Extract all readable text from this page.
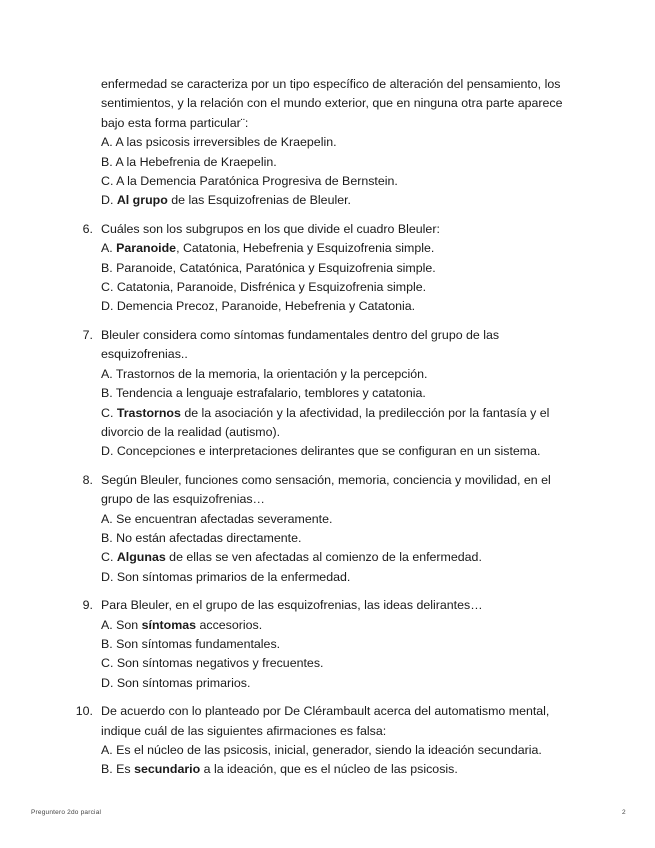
enfermedad se caracteriza por un tipo específico de alteración del pensamiento, los
sentimientos, y la relación con el mundo exterior, que en ninguna otra parte aparece
bajo esta forma particular¨:
A. A las psicosis irreversibles de Kraepelin.
B. A la Hebefrenia de Kraepelin.
C. A la Demencia Paratónica Progresiva de Bernstein.
D. Al grupo de las Esquizofrenias de Bleuler.
6. Cuáles son los subgrupos en los que divide el cuadro Bleuler:
A. Paranoide, Catatonia, Hebefrenia y Esquizofrenia simple.
B. Paranoide, Catatónica, Paratónica y Esquizofrenia simple.
C. Catatonia, Paranoide, Disfrénica y Esquizofrenia simple.
D. Demencia Precoz, Paranoide, Hebefrenia y Catatonia.
7. Bleuler considera como síntomas fundamentales dentro del grupo de las
esquizofrenias..
A. Trastornos de la memoria, la orientación y la percepción.
B. Tendencia a lenguaje estrafalario, temblores y catatonia.
C. Trastornos de la asociación y la afectividad, la predilección por la fantasía y el divorcio de la realidad (autismo).
D. Concepciones e interpretaciones delirantes que se configuran en un sistema.
8. Según Bleuler, funciones como sensación, memoria, conciencia y movilidad, en el
grupo de las esquizofrenias…
A. Se encuentran afectadas severamente.
B. No están afectadas directamente.
C. Algunas de ellas se ven afectadas al comienzo de la enfermedad.
D. Son síntomas primarios de la enfermedad.
9. Para Bleuler, en el grupo de las esquizofrenias, las ideas delirantes…
A. Son síntomas accesorios.
B. Son síntomas fundamentales.
C. Son síntomas negativos y frecuentes.
D. Son síntomas primarios.
10. De acuerdo con lo planteado por De Clérambault acerca del automatismo mental,
indique cuál de las siguientes afirmaciones es falsa:
A. Es el núcleo de las psicosis, inicial, generador, siendo la ideación secundaria.
B. Es secundario a la ideación, que es el núcleo de las psicosis.
Preguntero 2do parcial	2
